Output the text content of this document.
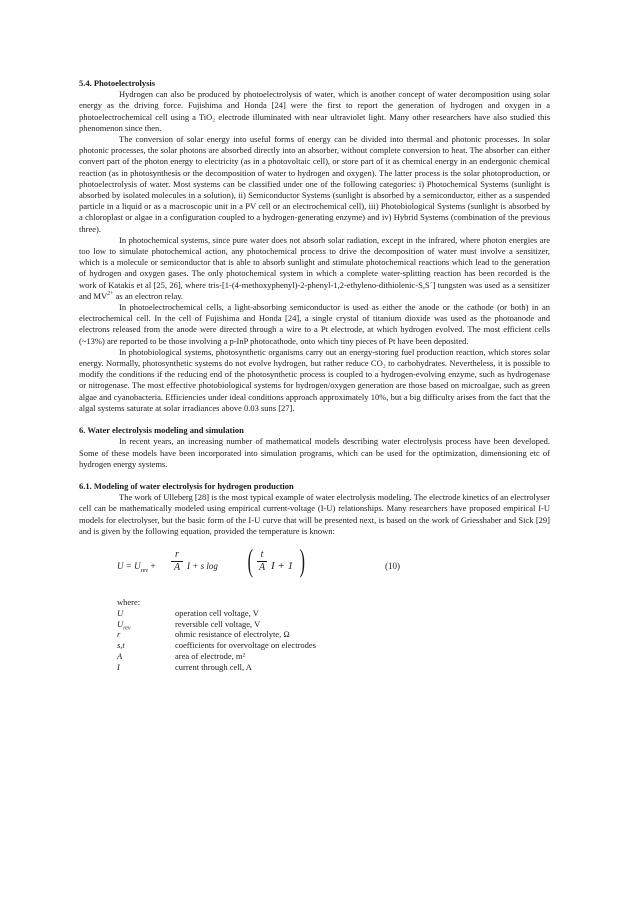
5.4. Photoelectrolysis

Hydrogen can also be produced by photoelectrolysis of water, which is another concept of water decomposition using solar energy as the driving force. Fujishima and Honda [24] were the first to report the generation of hydrogen and oxygen in a photoelectrochemical cell using a TiO₂ electrode illuminated with near ultraviolet light. Many other researchers have also studied this phenomenon since then.

The conversion of solar energy into useful forms of energy can be divided into thermal and photonic processes. In solar photonic processes, the solar photons are absorbed directly into an absorber, without complete conversion to heat. The absorber can either convert part of the photon energy to electricity (as in a photovoltaic cell), or store part of it as chemical energy in an endergonic chemical reaction (as in photosynthesis or the decomposition of water to hydrogen and oxygen). The latter process is the solar photoproduction, or photoelectrolysis of water. Most systems can be classified under one of the following categories: i) Photochemical Systems (sunlight is absorbed by isolated molecules in a solution), ii) Semiconductor Systems (sunlight is absorbed by a semiconductor, either as a suspended particle in a liquid or as a macroscopic unit in a PV cell or an electrochemical cell), iii) Photobiological Systems (sunlight is absorbed by a chloroplast or algae in a configuration coupled to a hydrogen-generating enzyme) and iv) Hybrid Systems (combination of the previous three).

In photochemical systems, since pure water does not absorb solar radiation, except in the infrared, where photon energies are too low to simulate photochemical action, any photochemical process to drive the decomposition of water must involve a sensitizer, which is a molecule or semiconductor that is able to absorb sunlight and stimulate photochemical reactions which lead to the generation of hydrogen and oxygen gases. The only photochemical system in which a complete water-splitting reaction has been recorded is the work of Katakis et al [25, 26], where tris-[1-(4-methoxyphenyl)-2-phenyl-1,2-ethyleno-dithiolenic-S,S´] tungsten was used as a sensitizer and $MV^{2+}$ as an electron relay.

In photoelectrochemical cells, a light-absorbing semiconductor is used as either the anode or the cathode (or both) in an electrochemical cell. In the cell of Fujishima and Honda [24], a single crystal of titanium dioxide was used as the photoanode and electrons released from the anode were directed through a wire to a Pt electrode, at which hydrogen evolved. The most efficient cells (~13%) are reported to be those involving a p-InP photocathode, onto which tiny pieces of Pt have been deposited.

In photobiological systems, photosynthetic organisms carry out an energy-storing fuel production reaction, which stores solar energy. Normally, photosynthetic systems do not evolve hydrogen, but rather reduce CO₂ to carbohydrates. Nevertheless, it is possible to modify the conditions if the reducing end of the photosynthetic process is coupled to a hydrogen-evolving enzyme, such as hydrogenase or nitrogenase. The most effective photobiological systems for hydrogen/oxygen generation are those based on microalgae, such as green algae and cyanobacteria. Efficiencies under ideal conditions approach approximately 10%, but a big difficulty arises from the fact that the algal systems saturate at solar irradiances above 0.03 suns [27].

6. Water electrolysis modeling and simulation

In recent years, an increasing number of mathematical models describing water electrolysis process have been developed. Some of these models have been incorporated into simulation programs, which can be used for the optimization, dimensioning etc of hydrogen energy systems.

6.1. Modeling of water electrolysis for hydrogen production

The work of Ulleberg [28] is the most typical example of water electrolysis modeling. The electrode kinetics of an electrolyser cell can be mathematically modeled using empirical current-voltage (I-U) relationships. Many researchers have proposed empirical I-U models for electrolyser, but the basic form of the I-U curve that will be presented next, is based on the work of Griesshaber and Sick [29] and is given by the following equation, provided the temperature is known:

$U = U_{rev}$ +
r
A I + s log ( t
A I + 1 )	(10)
where:
U	operation cell voltage, V
$U_{rev}$	reversible cell voltage, V
r	ohmic resistance of electrolyte, Ω
s,t	coefficients for overvoltage on electrodes
A	area of electrode, m²
I	current through cell, A
